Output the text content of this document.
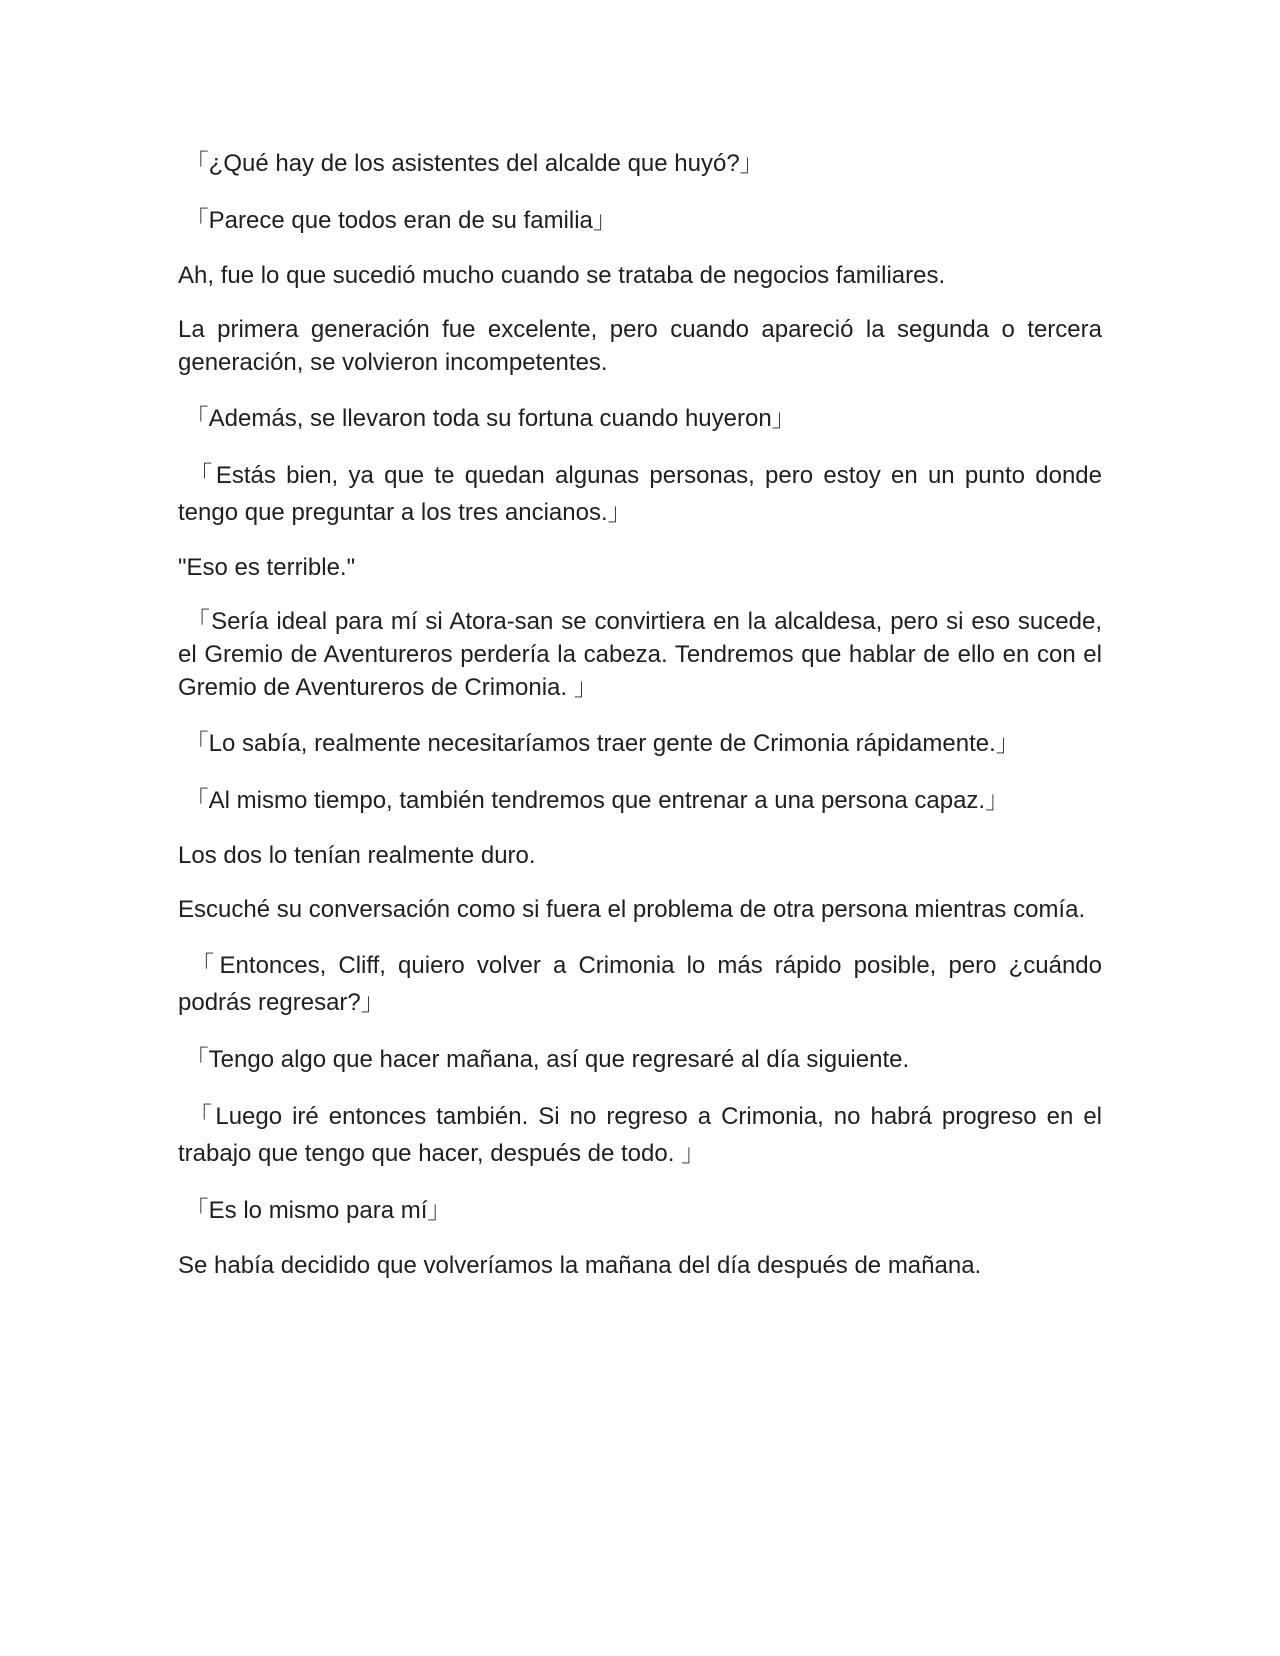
「¿Qué hay de los asistentes del alcalde que huyó?」

「Parece que todos eran de su familia」

Ah, fue lo que sucedió mucho cuando se trataba de negocios familiares.

La primera generación fue excelente, pero cuando apareció la segunda o tercera generación, se volvieron incompetentes.

「Además, se llevaron toda su fortuna cuando huyeron」

「Estás bien, ya que te quedan algunas personas, pero estoy en un punto donde tengo que preguntar a los tres ancianos.」

"Eso es terrible."

「Sería ideal para mí si Atora-san se convirtiera en la alcaldesa, pero si eso sucede, el Gremio de Aventureros perdería la cabeza. Tendremos que hablar de ello en con el Gremio de Aventureros de Crimonia. 」

「Lo sabía, realmente necesitaríamos traer gente de Crimonia rápidamente.」

「Al mismo tiempo, también tendremos que entrenar a una persona capaz.」

Los dos lo tenían realmente duro.

Escuché su conversación como si fuera el problema de otra persona mientras comía.

「Entonces, Cliff, quiero volver a Crimonia lo más rápido posible, pero ¿cuándo podrás regresar?」

「Tengo algo que hacer mañana, así que regresaré al día siguiente.

「Luego iré entonces también. Si no regreso a Crimonia, no habrá progreso en el trabajo que tengo que hacer, después de todo. 」

「Es lo mismo para mí」

Se había decidido que volveríamos la mañana del día después de mañana.
